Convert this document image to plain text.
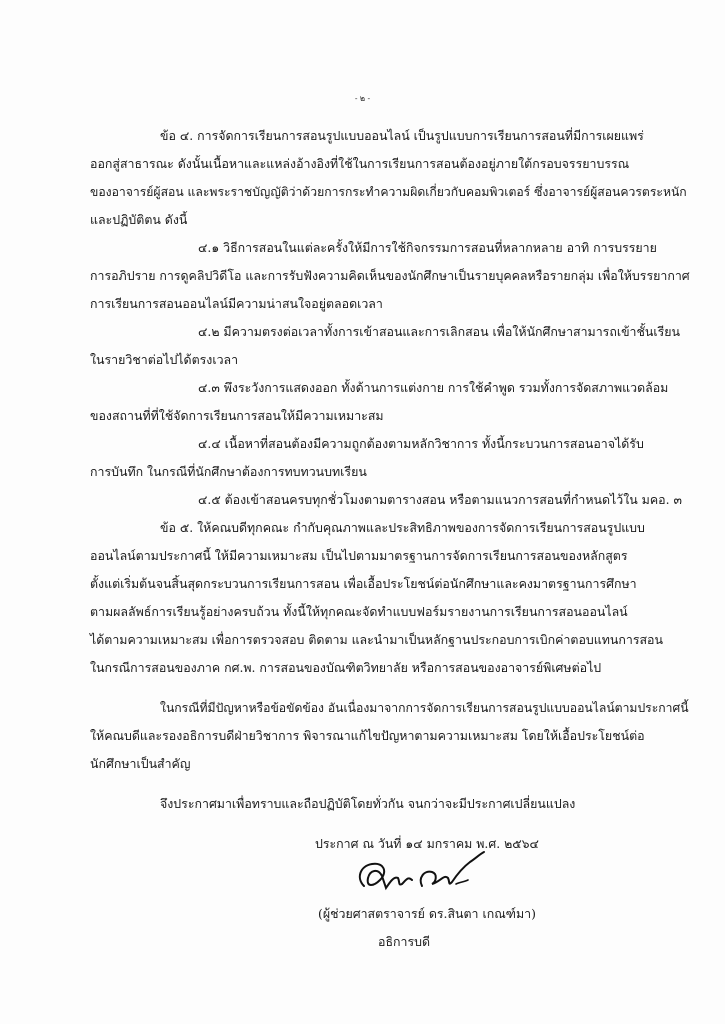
- ๒ -
ข้อ ๔. การจัดการเรียนการสอนรูปแบบออนไลน์ เป็นรูปแบบการเรียนการสอนที่มีการเผยแพร่
ออกสู่สาธารณะ ดังนั้นเนื้อหาและแหล่งอ้างอิงที่ใช้ในการเรียนการสอนต้องอยู่ภายใต้กรอบจรรยาบรรณ
ของอาจารย์ผู้สอน และพระราชบัญญัติว่าด้วยการกระทำความผิดเกี่ยวกับคอมพิวเตอร์ ซึ่งอาจารย์ผู้สอนควรตระหนัก
และปฏิบัติตน ดังนี้
๔.๑ วิธีการสอนในแต่ละครั้งให้มีการใช้กิจกรรมการสอนที่หลากหลาย อาทิ การบรรยาย
การอภิปราย การดูคลิปวิดีโอ และการรับฟังความคิดเห็นของนักศึกษาเป็นรายบุคคลหรือรายกลุ่ม เพื่อให้บรรยากาศ
การเรียนการสอนออนไลน์มีความน่าสนใจอยู่ตลอดเวลา
๔.๒ มีความตรงต่อเวลาทั้งการเข้าสอนและการเลิกสอน เพื่อให้นักศึกษาสามารถเข้าชั้นเรียน
ในรายวิชาต่อไปได้ตรงเวลา
๔.๓ พึงระวังการแสดงออก ทั้งด้านการแต่งกาย การใช้คำพูด รวมทั้งการจัดสภาพแวดล้อม
ของสถานที่ที่ใช้จัดการเรียนการสอนให้มีความเหมาะสม
๔.๔ เนื้อหาที่สอนต้องมีความถูกต้องตามหลักวิชาการ ทั้งนี้กระบวนการสอนอาจได้รับ
การบันทึก ในกรณีที่นักศึกษาต้องการทบทวนบทเรียน
๔.๕ ต้องเข้าสอนครบทุกชั่วโมงตามตารางสอน หรือตามแนวการสอนที่กำหนดไว้ใน มคอ. ๓
ข้อ ๕. ให้คณบดีทุกคณะ กำกับคุณภาพและประสิทธิภาพของการจัดการเรียนการสอนรูปแบบ
ออนไลน์ตามประกาศนี้ ให้มีความเหมาะสม เป็นไปตามมาตรฐานการจัดการเรียนการสอนของหลักสูตร
ตั้งแต่เริ่มต้นจนสิ้นสุดกระบวนการเรียนการสอน เพื่อเอื้อประโยชน์ต่อนักศึกษาและคงมาตรฐานการศึกษา
ตามผลลัพธ์การเรียนรู้อย่างครบถ้วน ทั้งนี้ให้ทุกคณะจัดทำแบบฟอร์มรายงานการเรียนการสอนออนไลน์
ได้ตามความเหมาะสม เพื่อการตรวจสอบ ติดตาม และนำมาเป็นหลักฐานประกอบการเบิกค่าตอบแทนการสอน
ในกรณีการสอนของภาค กศ.พ. การสอนของบัณฑิตวิทยาลัย หรือการสอนของอาจารย์พิเศษต่อไป
ในกรณีที่มีปัญหาหรือข้อขัดข้อง อันเนื่องมาจากการจัดการเรียนการสอนรูปแบบออนไลน์ตามประกาศนี้
ให้คณบดีและรองอธิการบดีฝ่ายวิชาการ พิจารณาแก้ไขปัญหาตามความเหมาะสม โดยให้เอื้อประโยชน์ต่อ
นักศึกษาเป็นสำคัญ
จึงประกาศมาเพื่อทราบและถือปฏิบัติโดยทั่วกัน จนกว่าจะมีประกาศเปลี่ยนแปลง
ประกาศ ณ วันที่ ๑๔ มกราคม พ.ศ. ๒๕๖๔
(ผู้ช่วยศาสตราจารย์ ดร.สินตา เกณฑ์มา)
อธิการบดี
